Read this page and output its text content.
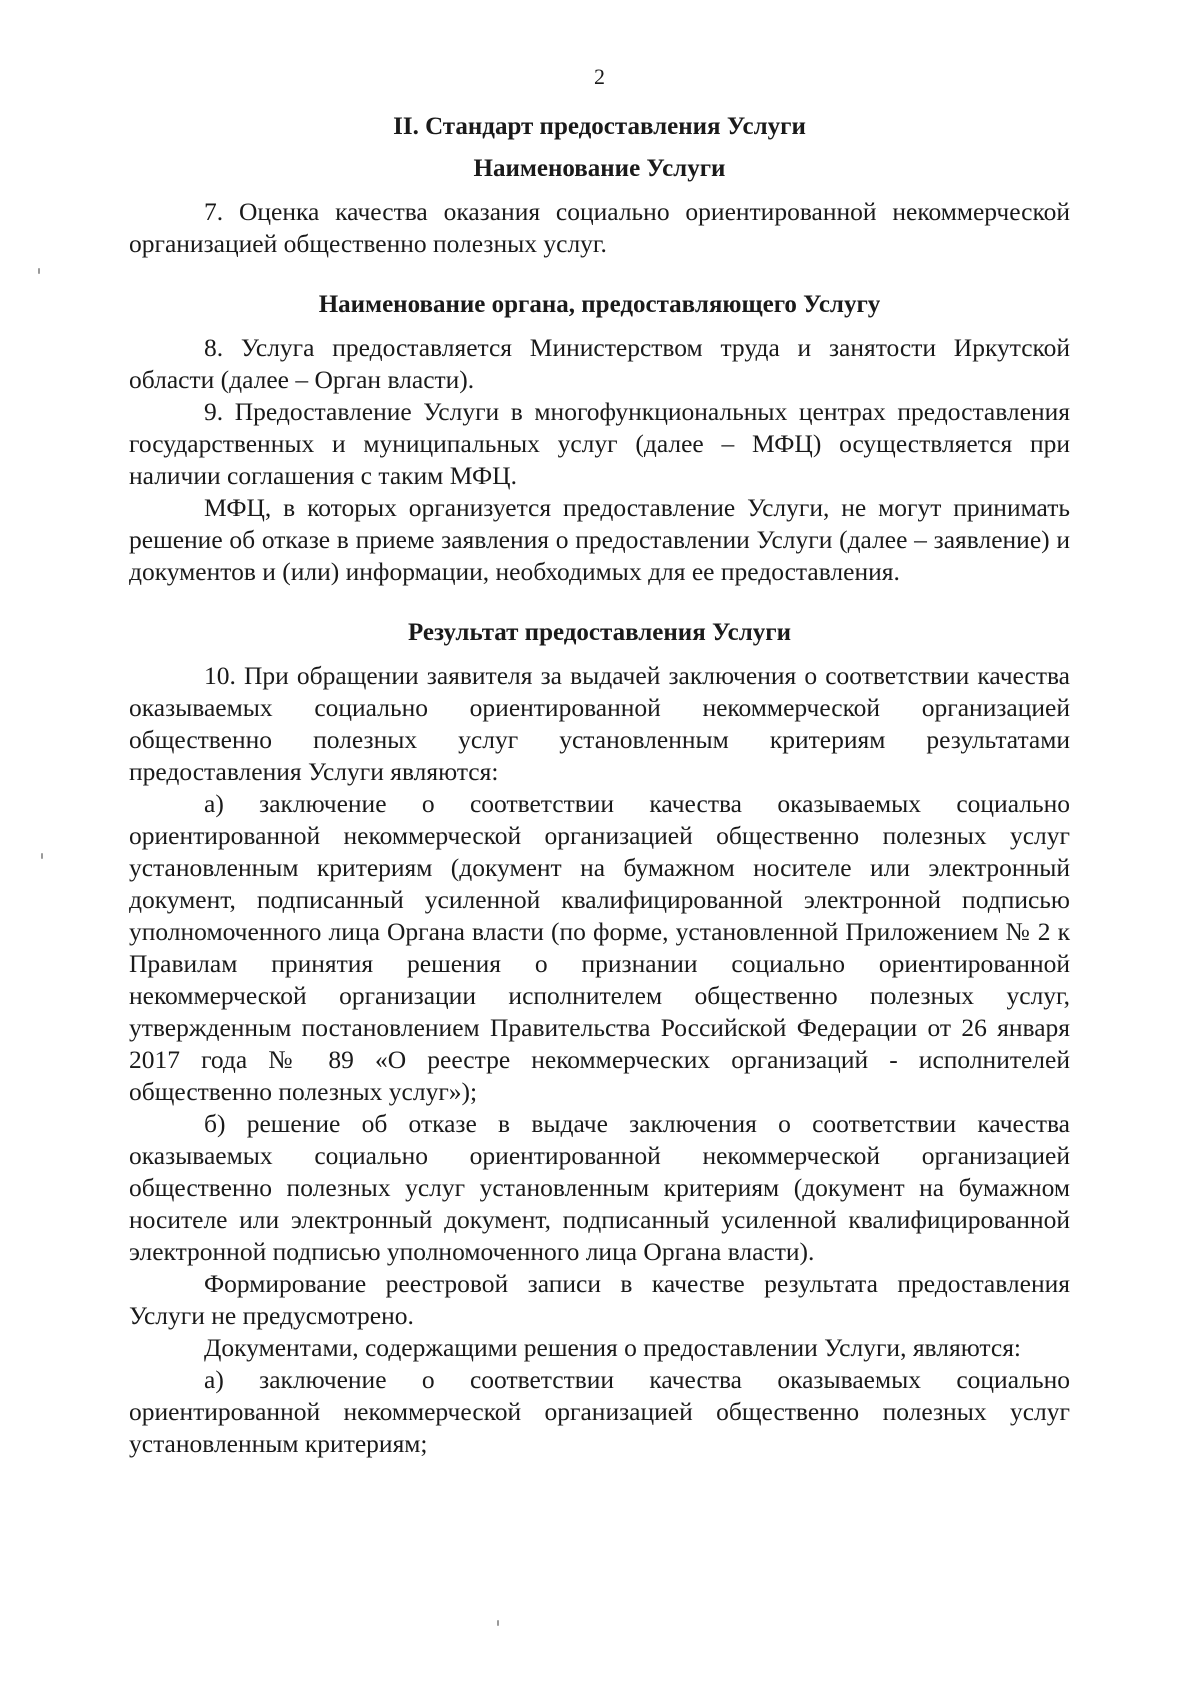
2
II. Стандарт предоставления Услуги
Наименование Услуги

7. Оценка качества оказания социально ориентированной некоммерческой организацией общественно полезных услуг.

Наименование органа, предоставляющего Услугу

8. Услуга предоставляется Министерством труда и занятости Иркутской области (далее – Орган власти).

9. Предоставление Услуги в многофункциональных центрах предоставления государственных и муниципальных услуг (далее – МФЦ) осуществляется при наличии соглашения с таким МФЦ.

МФЦ, в которых организуется предоставление Услуги, не могут принимать решение об отказе в приеме заявления о предоставлении Услуги (далее – заявление) и документов и (или) информации, необходимых для ее предоставления.

Результат предоставления Услуги

10. При обращении заявителя за выдачей заключения о соответствии качества оказываемых социально ориентированной некоммерческой организацией общественно полезных услуг установленным критериям результатами предоставления Услуги являются:

а) заключение о соответствии качества оказываемых социально ориентированной некоммерческой организацией общественно полезных услуг установленным критериям (документ на бумажном носителе или электронный документ, подписанный усиленной квалифицированной электронной подписью уполномоченного лица Органа власти (по форме, установленной Приложением № 2 к Правилам принятия решения о признании социально ориентированной некоммерческой организации исполнителем общественно полезных услуг, утвержденным постановлением Правительства Российской Федерации от 26 января 2017 года № 89 «О реестре некоммерческих организаций - исполнителей общественно полезных услуг»);

б) решение об отказе в выдаче заключения о соответствии качества оказываемых социально ориентированной некоммерческой организацией общественно полезных услуг установленным критериям (документ на бумажном носителе или электронный документ, подписанный усиленной квалифицированной электронной подписью уполномоченного лица Органа власти).

Формирование реестровой записи в качестве результата предоставления Услуги не предусмотрено.

Документами, содержащими решения о предоставлении Услуги, являются:

а) заключение о соответствии качества оказываемых социально ориентированной некоммерческой организацией общественно полезных услуг установленным критериям;
